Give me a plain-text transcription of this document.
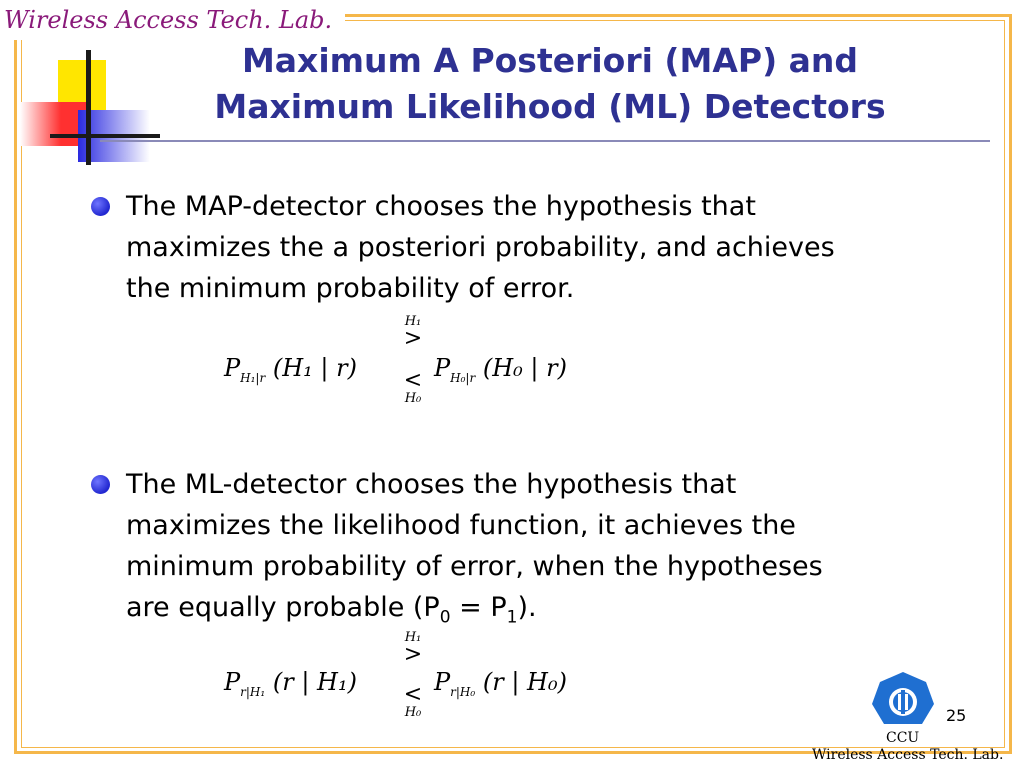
Wireless Access Tech. Lab.
Maximum A Posteriori (MAP) and
Maximum Likelihood (ML) Detectors
The MAP-detector chooses the hypothesis that
maximizes the a posteriori probability, and achieves
the minimum probability of error.
$P_{H_1|r}$ (H₁ | r)
H₁
>
<
H₀
$P_{H_0|r}$ (H₀ | r)
The ML-detector chooses the hypothesis that
maximizes the likelihood function, it achieves the
minimum probability of error, when the hypotheses
are equally probable $(P_0 = P_1)$.
$P_{r|H_1}$ (r | H₁)
H₁
>
<
H₀
$P_{r|H_0}$ (r | H₀)
25
CCU
Wireless Access Tech. Lab.
